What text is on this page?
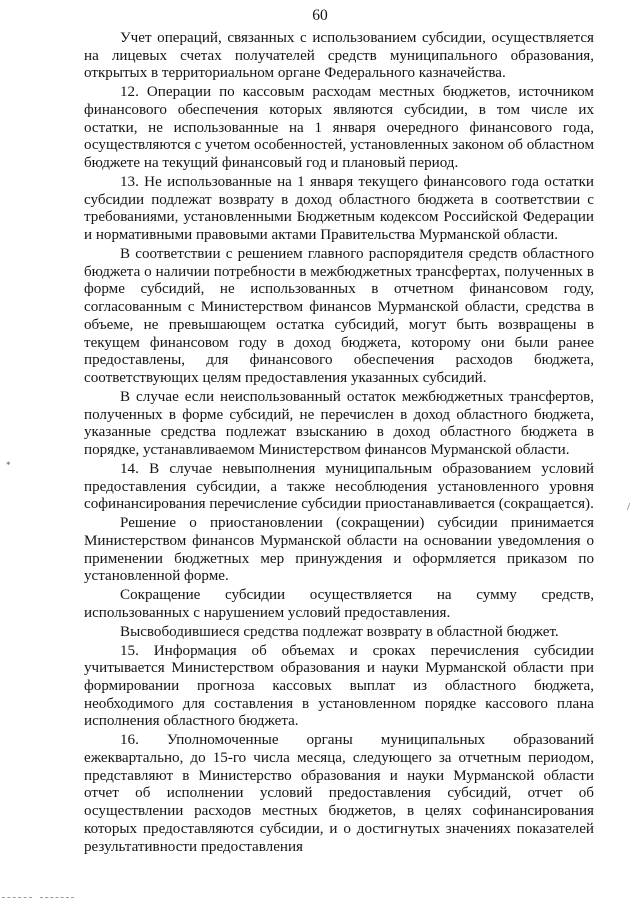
60

Учет операций, связанных с использованием субсидии, осуществляется на лицевых счетах получателей средств муниципального образования, открытых в территориальном органе Федерального казначейства.

12. Операции по кассовым расходам местных бюджетов, источником финансового обеспечения которых являются субсидии, в том числе их остатки, не использованные на 1 января очередного финансового года, осуществляются с учетом особенностей, установленных законом об областном бюджете на текущий финансовый год и плановый период.

13. Не использованные на 1 января текущего финансового года остатки субсидии подлежат возврату в доход областного бюджета в соответствии с требованиями, установленными Бюджетным кодексом Российской Федерации и нормативными правовыми актами Правительства Мурманской области.

В соответствии с решением главного распорядителя средств областного бюджета о наличии потребности в межбюджетных трансфертах, полученных в форме субсидий, не использованных в отчетном финансовом году, согласованным с Министерством финансов Мурманской области, средства в объеме, не превышающем остатка субсидий, могут быть возвращены в текущем финансовом году в доход бюджета, которому они были ранее предоставлены, для финансового обеспечения расходов бюджета, соответствующих целям предоставления указанных субсидий.

В случае если неиспользованный остаток межбюджетных трансфертов, полученных в форме субсидий, не перечислен в доход областного бюджета, указанные средства подлежат взысканию в доход областного бюджета в порядке, устанавливаемом Министерством финансов Мурманской области.

14. В случае невыполнения муниципальным образованием условий предоставления субсидии, а также несоблюдения установленного уровня софинансирования перечисление субсидии приостанавливается (сокращается).

Решение о приостановлении (сокращении) субсидии принимается Министерством финансов Мурманской области на основании уведомления о применении бюджетных мер принуждения и оформляется приказом по установленной форме.

Сокращение субсидии осуществляется на сумму средств, использованных с нарушением условий предоставления.

Высвободившиеся средства подлежат возврату в областной бюджет.

15. Информация об объемах и сроках перечисления субсидии учитывается Министерством образования и науки Мурманской области при формировании прогноза кассовых выплат из областного бюджета, необходимого для составления в установленном порядке кассового плана исполнения областного бюджета.

16. Уполномоченные органы муниципальных образований ежеквартально, до 15-го числа месяца, следующего за отчетным периодом, представляют в Министерство образования и науки Мурманской области отчет об исполнении условий предоставления субсидий, отчет об осуществлении расходов местных бюджетов, в целях софинансирования которых предоставляются субсидии, и о достигнутых значениях показателей результативности предоставления

*
/
